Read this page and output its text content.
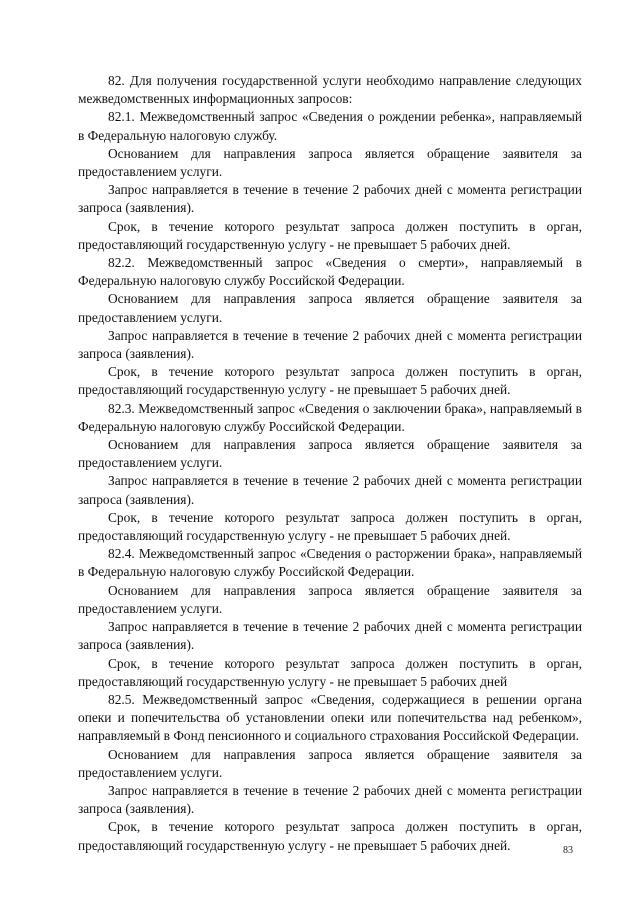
82. Для получения государственной услуги необходимо направление следующих межведомственных информационных запросов:

82.1. Межведомственный запрос «Сведения о рождении ребенка», направляемый в Федеральную налоговую службу.

Основанием для направления запроса является обращение заявителя за предоставлением услуги.

Запрос направляется в течение в течение 2 рабочих дней с момента регистрации запроса (заявления).

Срок, в течение которого результат запроса должен поступить в орган, предоставляющий государственную услугу - не превышает 5 рабочих дней.

82.2. Межведомственный запрос «Сведения о смерти», направляемый в Федеральную налоговую службу Российской Федерации.

Основанием для направления запроса является обращение заявителя за предоставлением услуги.

Запрос направляется в течение в течение 2 рабочих дней с момента регистрации запроса (заявления).

Срок, в течение которого результат запроса должен поступить в орган, предоставляющий государственную услугу - не превышает 5 рабочих дней.

82.3. Межведомственный запрос «Сведения о заключении брака», направляемый в Федеральную налоговую службу Российской Федерации.

Основанием для направления запроса является обращение заявителя за предоставлением услуги.

Запрос направляется в течение в течение 2 рабочих дней с момента регистрации запроса (заявления).

Срок, в течение которого результат запроса должен поступить в орган, предоставляющий государственную услугу - не превышает 5 рабочих дней.

82.4. Межведомственный запрос «Сведения о расторжении брака», направляемый в Федеральную налоговую службу Российской Федерации.

Основанием для направления запроса является обращение заявителя за предоставлением услуги.

Запрос направляется в течение в течение 2 рабочих дней с момента регистрации запроса (заявления).

Срок, в течение которого результат запроса должен поступить в орган, предоставляющий государственную услугу - не превышает 5 рабочих дней

82.5. Межведомственный запрос «Сведения, содержащиеся в решении органа опеки и попечительства об установлении опеки или попечительства над ребенком», направляемый в Фонд пенсионного и социального страхования Российской Федерации.

Основанием для направления запроса является обращение заявителя за предоставлением услуги.

Запрос направляется в течение в течение 2 рабочих дней с момента регистрации запроса (заявления).

Срок, в течение которого результат запроса должен поступить в орган, предоставляющий государственную услугу - не превышает 5 рабочих дней.	83
